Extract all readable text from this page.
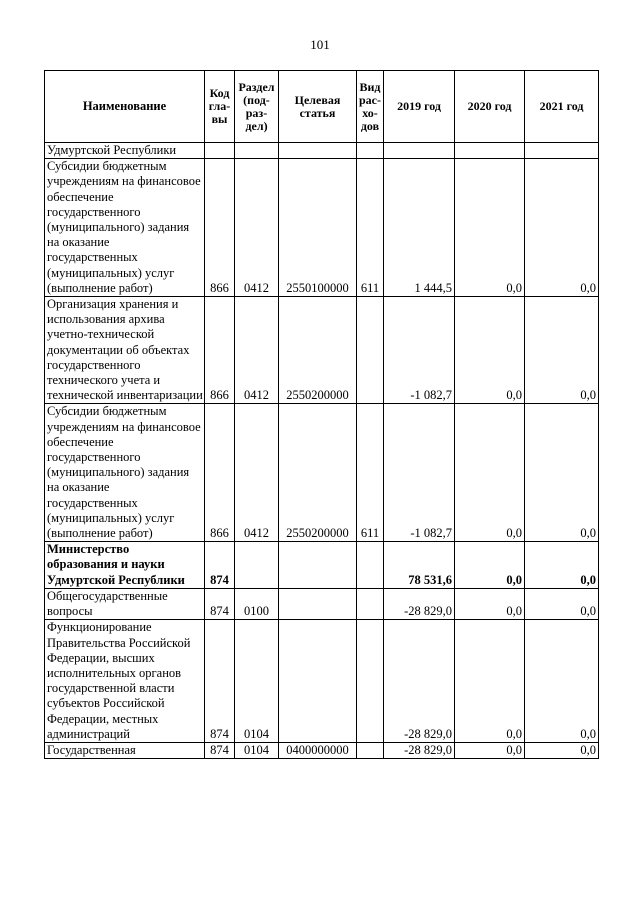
101
Наименование	Код гла-вы	Раздел (под-раз-дел)	Целевая статья	Вид рас-хо-дов	2019 год	2020 год	2021 год
Удмуртской Республики							
Субсидии бюджетным учреждениям на финансовое обеспечение государственного (муниципального) задания на оказание государственных (муниципальных) услуг (выполнение работ)	866	0412	2550100000	611	1 444,5	0,0	0,0
Организация хранения и использования архива учетно-технической документации об объектах государственного технического учета и технической инвентаризации	866	0412	2550200000		-1 082,7	0,0	0,0
Субсидии бюджетным учреждениям на финансовое обеспечение государственного (муниципального) задания на оказание государственных (муниципальных) услуг (выполнение работ)	866	0412	2550200000	611	-1 082,7	0,0	0,0
Министерство образования и науки Удмуртской Республики	874				78 531,6	0,0	0,0
Общегосударственные вопросы	874	0100			-28 829,0	0,0	0,0
Функционирование Правительства Российской Федерации, высших исполнительных органов государственной власти субъектов Российской Федерации, местных администраций	874	0104			-28 829,0	0,0	0,0
Государственная	874	0104	0400000000		-28 829,0	0,0	0,0
